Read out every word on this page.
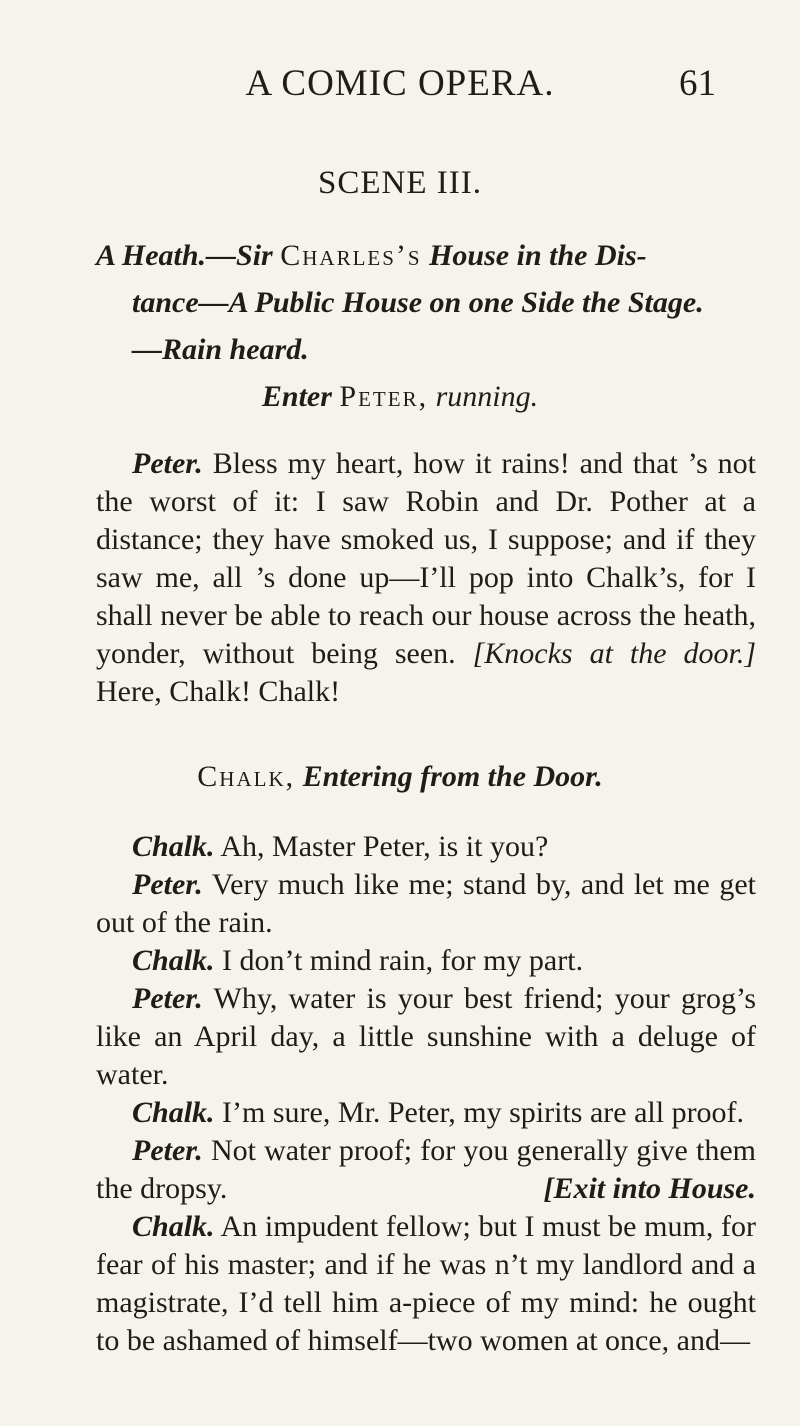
A COMIC OPERA.	61
SCENE III.
A Heath.—Sir Charles’s House in the Dis-
tance—A Public House on one Side the Stage.
—Rain heard.
Enter Peter, running.

Peter. Bless my heart, how it rains! and that ’s not the worst of it: I saw Robin and Dr. Pother at a distance; they have smoked us, I suppose; and if they saw me, all ’s done up—I’ll pop into Chalk’s, for I shall never be able to reach our house across the heath, yonder, without being seen. [Knocks at the door.] Here, Chalk! Chalk!

Chalk, Entering from the Door.

Chalk. Ah, Master Peter, is it you?

Peter. Very much like me; stand by, and let me get out of the rain.

Chalk. I don’t mind rain, for my part.

Peter. Why, water is your best friend; your grog’s like an April day, a little sunshine with a deluge of water.

Chalk. I’m sure, Mr. Peter, my spirits are all proof.

Peter. Not water proof; for you generally give them the dropsy.	[Exit into House.

Chalk. An impudent fellow; but I must be mum, for fear of his master; and if he was n’t my landlord and a magistrate, I’d tell him a-piece of my mind: he ought to be ashamed of himself—two women at once, and—
